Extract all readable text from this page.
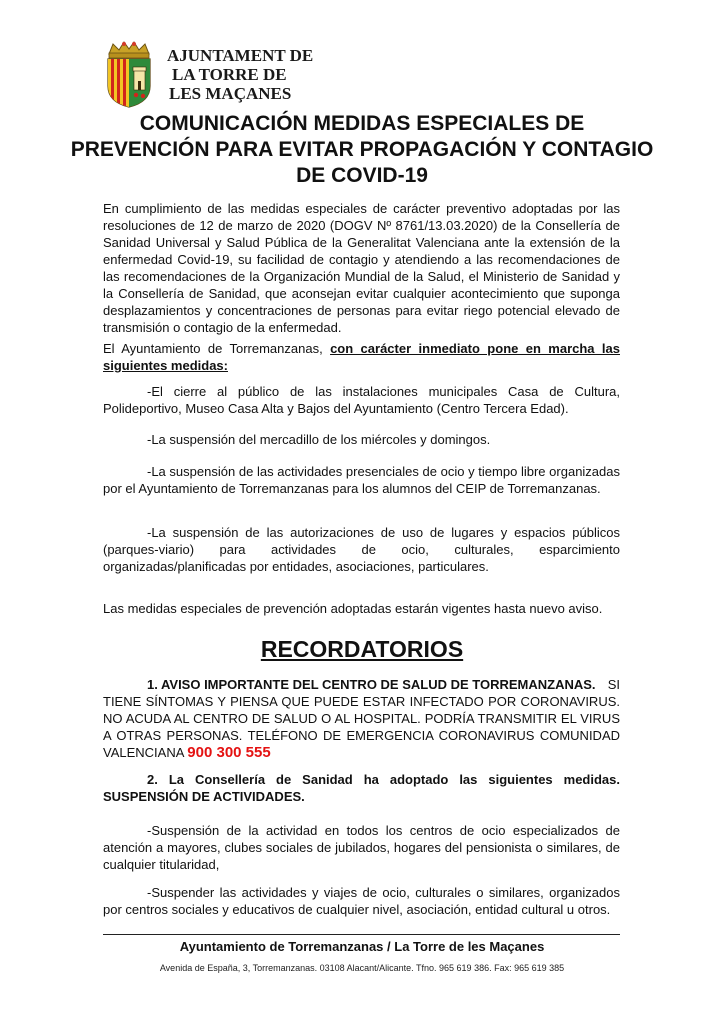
AJUNTAMENT DE
LA TORRE DE
LES MAÇANES
COMUNICACIÓN MEDIDAS ESPECIALES DE PREVENCIÓN PARA EVITAR PROPAGACIÓN Y CONTAGIO DE COVID-19

En cumplimiento de las medidas especiales de carácter preventivo adoptadas por las resoluciones de 12 de marzo de 2020 (DOGV Nº 8761/13.03.2020) de la Consellería de Sanidad Universal y Salud Pública de la Generalitat Valenciana ante la extensión de la enfermedad Covid-19, su facilidad de contagio y atendiendo a las recomendaciones de las recomendaciones de la Organización Mundial de la Salud, el Ministerio de Sanidad y la Consellería de Sanidad, que aconsejan evitar cualquier acontecimiento que suponga desplazamientos y concentraciones de personas para evitar riego potencial elevado de transmisión o contagio de la enfermedad.

El Ayuntamiento de Torremanzanas, con carácter inmediato pone en marcha las siguientes medidas:

-El cierre al público de las instalaciones municipales Casa de Cultura, Polideportivo, Museo Casa Alta y Bajos del Ayuntamiento (Centro Tercera Edad).

-La suspensión del mercadillo de los miércoles y domingos.

-La suspensión de las actividades presenciales de ocio y tiempo libre organizadas por el Ayuntamiento de Torremanzanas para los alumnos del CEIP de Torremanzanas.

-La suspensión de las autorizaciones de uso de lugares y espacios públicos (parques-viario) para actividades de ocio, culturales, esparcimiento organizadas/planificadas por entidades, asociaciones, particulares.

Las medidas especiales de prevención adoptadas estarán vigentes hasta nuevo aviso.

RECORDATORIOS

1. AVISO IMPORTANTE DEL CENTRO DE SALUD DE TORREMANZANAS. SI TIENE SÍNTOMAS Y PIENSA QUE PUEDE ESTAR INFECTADO POR CORONAVIRUS. NO ACUDA AL CENTRO DE SALUD O AL HOSPITAL. PODRÍA TRANSMITIR EL VIRUS A OTRAS PERSONAS. TELÉFONO DE EMERGENCIA CORONAVIRUS COMUNIDAD VALENCIANA 900 300 555

2. La Consellería de Sanidad ha adoptado las siguientes medidas. SUSPENSIÓN DE ACTIVIDADES.

-Suspensión de la actividad en todos los centros de ocio especializados de atención a mayores, clubes sociales de jubilados, hogares del pensionista o similares, de cualquier titularidad,

-Suspender las actividades y viajes de ocio, culturales o similares, organizados por centros sociales y educativos de cualquier nivel, asociación, entidad cultural u otros.

Ayuntamiento de Torremanzanas / La Torre de les Maçanes
Avenida de España, 3, Torremanzanas. 03108 Alacant/Alicante. Tfno. 965 619 386. Fax: 965 619 385
